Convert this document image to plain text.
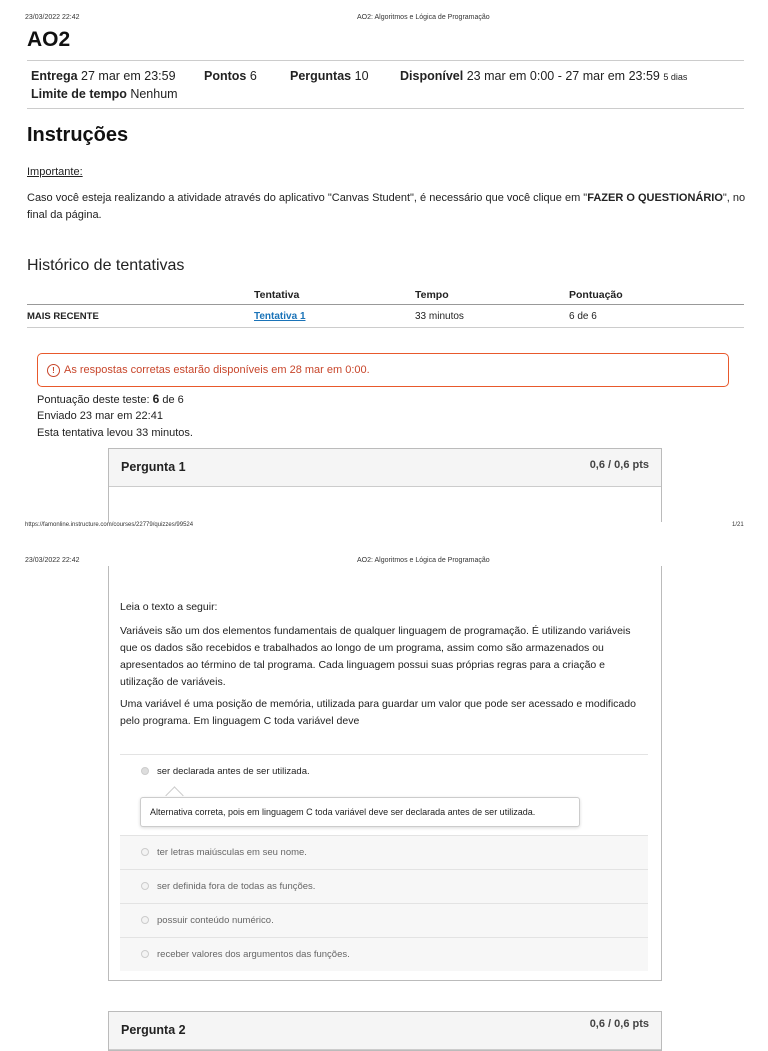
23/03/2022 22:42	AO2: Algoritmos e Lógica de Programação
AO2
Entrega 27 mar em 23:59 Pontos 6	Perguntas 10	Disponível 23 mar em 0:00 - 27 mar em 23:59 5 dias
Limite de tempo Nenhum
Instruções
Importante:
Caso você esteja realizando a atividade através do aplicativo "Canvas Student", é necessário que você clique em "FAZER O QUESTIONÁRIO", no final da página.
Histórico de tentativas
	Tentativa	Tempo	Pontuação
MAIS RECENTE	Tentativa 1	33 minutos	6 de 6
! As respostas corretas estarão disponíveis em 28 mar em 0:00.
Pontuação deste teste: 6 de 6
Enviado 23 mar em 22:41
Esta tentativa levou 33 minutos.
Pergunta 1	0,6 / 0,6 pts
https://famonline.instructure.com/courses/22779/quizzes/99524	1/21
23/03/2022 22:42	AO2: Algoritmos e Lógica de Programação
Leia o texto a seguir:
Variáveis são um dos elementos fundamentais de qualquer linguagem de programação. É utilizando variáveis que os dados são recebidos e trabalhados ao longo de um programa, assim como são armazenados ou apresentados ao término de tal programa. Cada linguagem possui suas próprias regras para a criação e utilização de variáveis.
Uma variável é uma posição de memória, utilizada para guardar um valor que pode ser acessado e modificado pelo programa. Em linguagem C toda variável deve
ser declarada antes de ser utilizada.
Alternativa correta, pois em linguagem C toda variável deve ser declarada antes de ser utilizada.
ter letras maiúsculas em seu nome.
ser definida fora de todas as funções.
possuir conteúdo numérico.
receber valores dos argumentos das funções.
Pergunta 2	0,6 / 0,6 pts
